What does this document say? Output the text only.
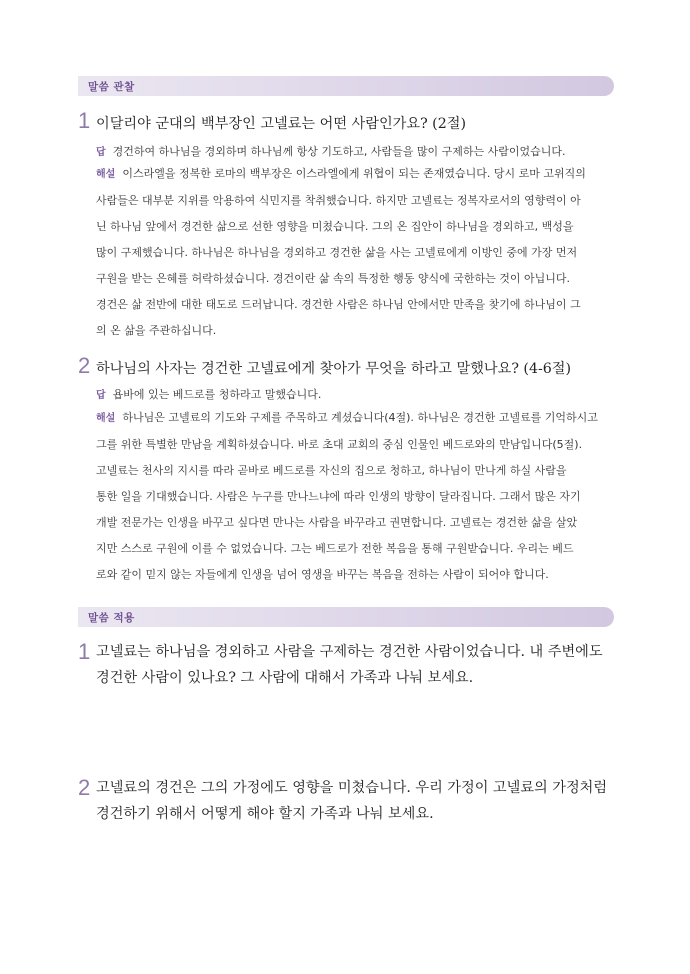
말씀 관찰
1 이달리야 군대의 백부장인 고넬료는 어떤 사람인가요? (2절)
답 경건하여 하나님을 경외하며 하나님께 항상 기도하고, 사람들을 많이 구제하는 사람이었습니다.
해설 이스라엘을 정복한 로마의 백부장은 이스라엘에게 위협이 되는 존재였습니다. 당시 로마 고위직의
사람들은 대부분 지위를 악용하여 식민지를 착취했습니다. 하지만 고넬료는 정복자로서의 영향력이 아
닌 하나님 앞에서 경건한 삶으로 선한 영향을 미쳤습니다. 그의 온 집안이 하나님을 경외하고, 백성을
많이 구제했습니다. 하나님은 하나님을 경외하고 경건한 삶을 사는 고넬료에게 이방인 중에 가장 먼저
구원을 받는 은혜를 허락하셨습니다. 경건이란 삶 속의 특정한 행동 양식에 국한하는 것이 아닙니다.
경건은 삶 전반에 대한 태도로 드러납니다. 경건한 사람은 하나님 안에서만 만족을 찾기에 하나님이 그
의 온 삶을 주관하십니다.
2 하나님의 사자는 경건한 고넬료에게 찾아가 무엇을 하라고 말했나요? (4-6절)
답 욥바에 있는 베드로를 청하라고 말했습니다.
해설 하나님은 고넬료의 기도와 구제를 주목하고 계셨습니다(4절). 하나님은 경건한 고넬료를 기억하시고
그를 위한 특별한 만남을 계획하셨습니다. 바로 초대 교회의 중심 인물인 베드로와의 만남입니다(5절).
고넬료는 천사의 지시를 따라 곧바로 베드로를 자신의 집으로 청하고, 하나님이 만나게 하실 사람을
통한 일을 기대했습니다. 사람은 누구를 만나느냐에 따라 인생의 방향이 달라집니다. 그래서 많은 자기
개발 전문가는 인생을 바꾸고 싶다면 만나는 사람을 바꾸라고 권면합니다. 고넬료는 경건한 삶을 살았
지만 스스로 구원에 이를 수 없었습니다. 그는 베드로가 전한 복음을 통해 구원받습니다. 우리는 베드
로와 같이 믿지 않는 자들에게 인생을 넘어 영생을 바꾸는 복음을 전하는 사람이 되어야 합니다.
말씀 적용
1 고넬료는 하나님을 경외하고 사람을 구제하는 경건한 사람이었습니다. 내 주변에도
경건한 사람이 있나요? 그 사람에 대해서 가족과 나눠 보세요.
2 고넬료의 경건은 그의 가정에도 영향을 미쳤습니다. 우리 가정이 고넬료의 가정처럼
경건하기 위해서 어떻게 해야 할지 가족과 나눠 보세요.
